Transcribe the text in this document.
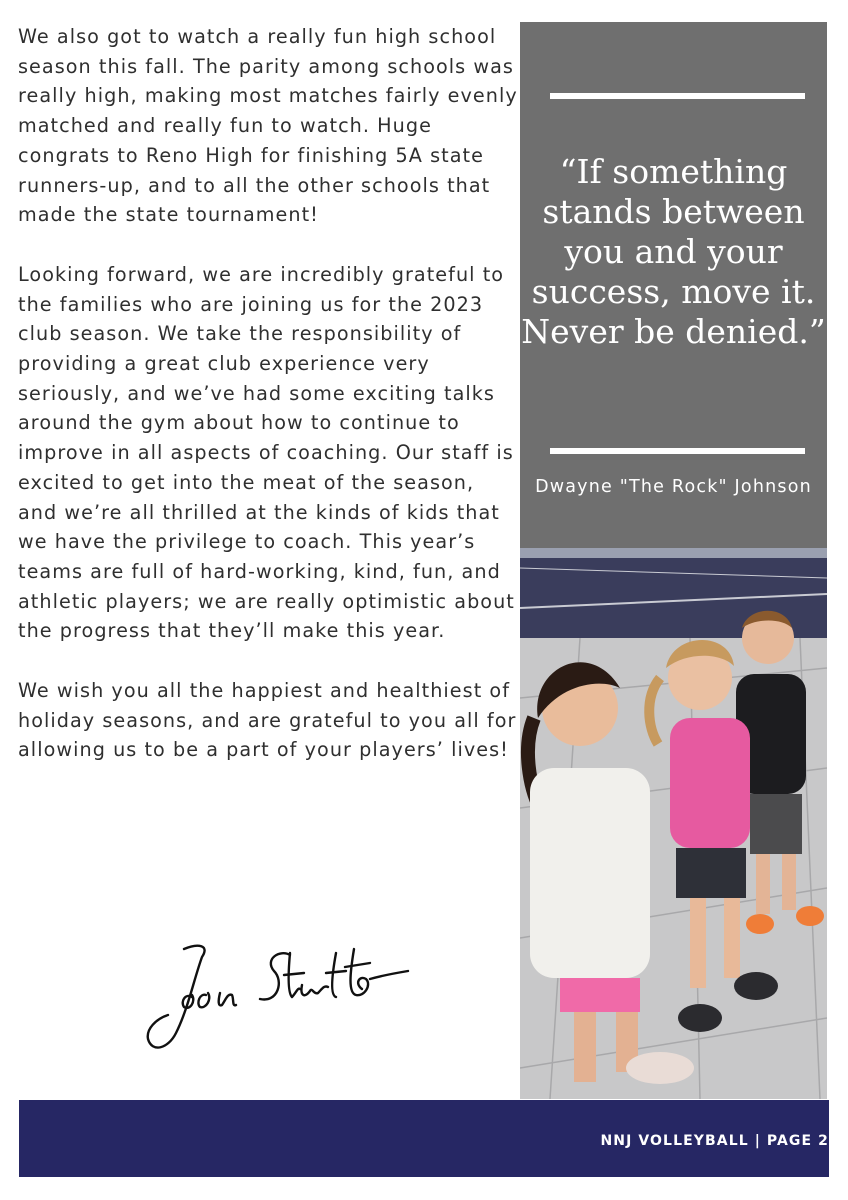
We also got to watch a really fun high school season this fall. The parity among schools was really high, making most matches fairly evenly matched and really fun to watch. Huge congrats to Reno High for finishing 5A state runners-up, and to all the other schools that made the state tournament!

Looking forward, we are incredibly grateful to the families who are joining us for the 2023 club season. We take the responsibility of providing a great club experience very seriously, and we’ve had some exciting talks around the gym about how to continue to improve in all aspects of coaching. Our staff is excited to get into the meat of the season, and we’re all thrilled at the kinds of kids that we have the privilege to coach. This year’s teams are full of hard-working, kind, fun, and athletic players; we are really optimistic about the progress that they’ll make this year.

We wish you all the happiest and healthiest of holiday seasons, and are grateful to you all for allowing us to be a part of your players’ lives!

“If something stands between you and your success, move it. Never be denied.”
Dwayne "The Rock" Johnson
NNJ VOLLEYBALL | PAGE 2
